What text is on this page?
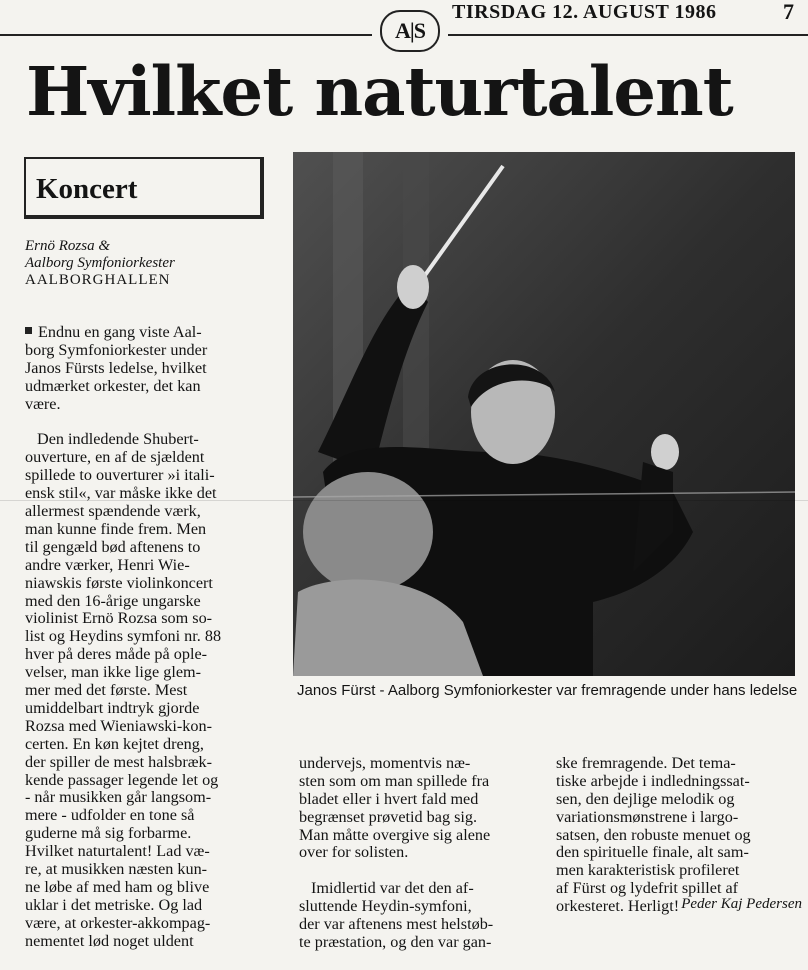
A|S
TIRSDAG 12. AUGUST 1986	7
Hvilket naturtalent
Koncert
Ernö Rozsa &
Aalborg Symfoniorkester
AALBORGHALLEN

Endnu en gang viste Aal-
borg Symfoniorkester under
Janos Fürsts ledelse, hvilket
udmærket orkester, det kan
være.

Den indledende Shubert-
ouverture, en af de sjældent
spillede to ouverturer »i itali-
ensk stil«, var måske ikke det
allermest spændende værk,
man kunne finde frem. Men
til gengæld bød aftenens to
andre værker, Henri Wie-
niawskis første violinkoncert
med den 16-årige ungarske
violinist Ernö Rozsa som so-
list og Heydins symfoni nr. 88
hver på deres måde på ople-
velser, man ikke lige glem-
mer med det første. Mest
umiddelbart indtryk gjorde
Rozsa med Wieniawski-kon-
certen. En køn kejtet dreng,
der spiller de mest halsbræk-
kende passager legende let og
- når musikken går langsom-
mere - udfolder en tone så
guderne må sig forbarme.
Hvilket naturtalent! Lad væ-
re, at musikken næsten kun-
ne løbe af med ham og blive
uklar i det metriske. Og lad
være, at orkester-akkompag-
nementet lød noget uldent

undervejs, momentvis næ-
sten som om man spillede fra
bladet eller i hvert fald med
begrænset prøvetid bag sig.
Man måtte overgive sig alene
over for solisten.

Imidlertid var det den af-
sluttende Heydin-symfoni,
der var aftenens mest helstøb-
te præstation, og den var gan-

ske fremragende. Det tema-
tiske arbejde i indledningssat-
sen, den dejlige melodik og
variationsmønstrene i largo-
satsen, den robuste menuet og
den spirituelle finale, alt sam-
men karakteristisk profileret
af Fürst og lydefrit spillet af
orkesteret. Herligt! Peder Kaj Pedersen
Janos Fürst - Aalborg Symfoniorkester var fremragende under hans ledelse
